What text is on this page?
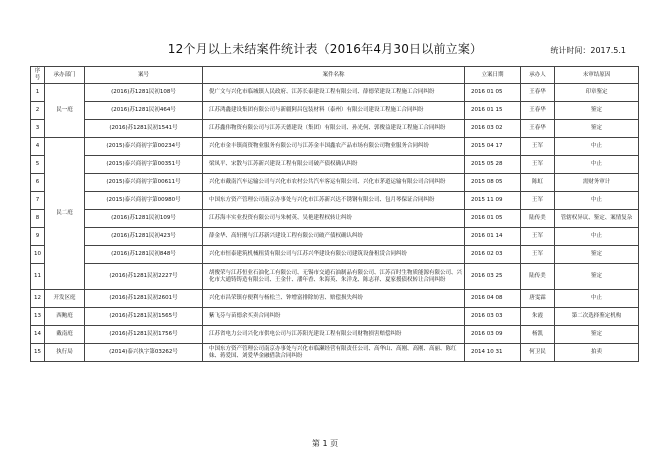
12个月以上未结案件统计表（2016年4月30日以前立案）	统计时间：2017.5.1
序号	承办部门	案号	案件名称	立案日期	承办人	未审结原因
1	民一庭	(2016)苏1281民初108号	倪广文与兴化市临城镇人民政府、江苏长泰建设工程有限公司、薛德荣建设工程施工合同纠纷	2016 01 05	王春华	印章鉴定
2		(2016)苏1281民初464号	江苏鸿鑫建设集团有限公司与新疆阿昌包装材料（泰州）有限公司建设工程施工合同纠纷	2016 01 15	王春华	鉴定
3		(2016)苏1281民初1541号	江苏鑫伟物资有限公司与江苏天德建设（集团）有限公司、孙光何、郭俊益建设工程施工合同纠纷	2016 03 02	王春华	鉴定
4	民二庭	(2015)泰兴商初字第00234号	兴化市金丰镇商资物业服务有限公司与江苏金丰国鑫农产品市场有限公司物业服务合同纠纷	2015 04 17	王军	中止
5		(2015)泰兴商初字第00351号	梁凤平、宋散与江苏新兴建设工程有限公司破产债权确认纠纷	2015 05 28	王军	中止
6		(2015)泰兴商初字第00611号	兴化市戴南汽车运输公司与兴化市农村公共汽车客运有限公司、兴化市茅道运输有限公司合同纠纷	2015 08 05	陈虹	需财务审计
7		(2015)泰兴商初字第00980号	中国东方资产管理公司南京办事处与兴化市江苏新兴达不锈钢有限公司、包月琴保证合同纠纷	2015 11 09	王军	中止
8		(2016)苏1281民初109号	江苏海丰实业投资有限公司与朱树英、吴艳建程权转让纠纷	2016 01 05	陆传美	管辖权异议、鉴定、案情复杂
9		(2016)苏1281民初423号	薛金华、高轩刚与江苏新兴建设工程有限公司破产债权确认纠纷	2016 01 14	王军	中止
10		(2016)苏1281民初848号	兴化市恒泰建筑机械租赁有限公司与江苏兴华建设有限公司建筑设备租赁合同纠纷	2016 02 03	王军	鉴定
11		(2016)苏1281民初2227号	胡俊荣与江苏恒业石油化工有限公司、无锡市交通石油制品有限公司、江苏百时生物质能源有限公司、兴化市大通铸铸造有限公司、王金什、潘年香、朱海英、朱洋龙、陈志祥、夏家援债权转让合同纠纷	2016 03 25	陆传美	鉴定
12	开发区庭	(2016)苏1281民初2601号	兴化市昌荣镇存便利与杨松兰、钟增富排除妨害、赔偿损失纠纷	2016 04 08	唐雯霖	中止
13	西鲍庭	(2016)苏1281民初1565号	紫飞芬与苗德余买卖合同纠纷	2016 03 03	朱霞	第二次选择鉴定机构
14	戴南庭	(2016)苏1281民初1756号	江苏省电力公司兴化市供电公司与江苏阳光建设工程有限公司财物损害赔偿纠纷	2016 03 09	杨凯	鉴定
15	执行局	(2014)泰兴执字第03262号	中国东方资产管理公司南京办事处与兴化市临瀬经营有限责任公司、高华山、高刚、高刚、高丽、陈红妹、蒋爱国、刘爱华金融借款合同纠纷	2014 10 31	何卫民	拍卖
第 1 页
